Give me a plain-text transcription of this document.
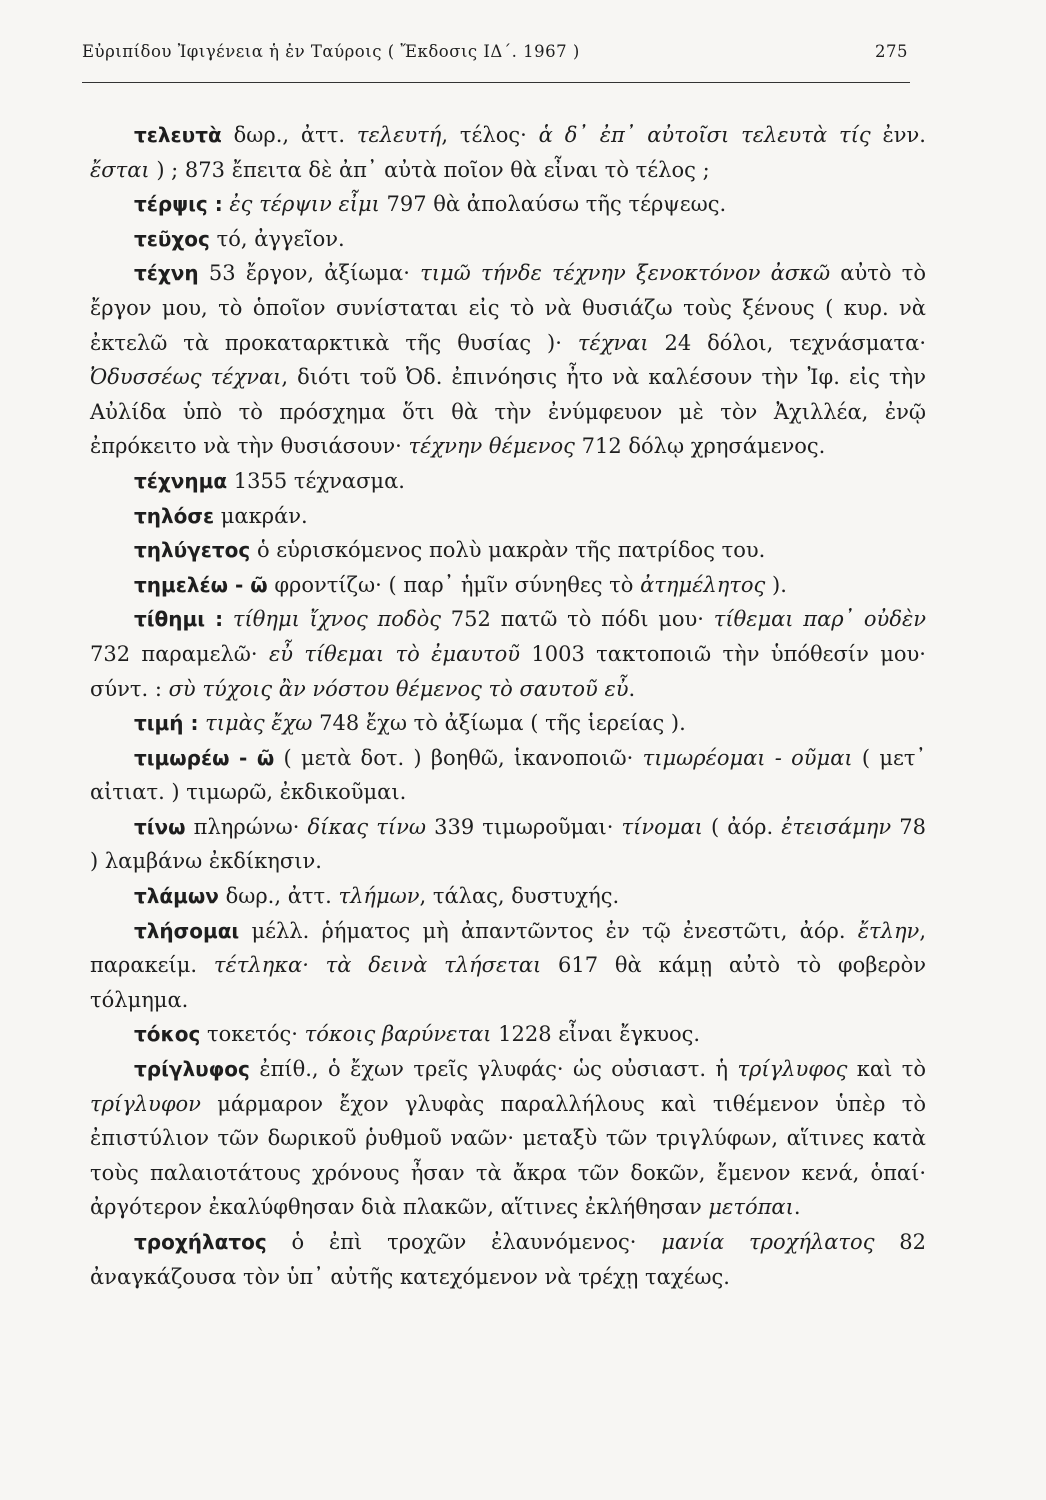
Εὐριπίδου Ἰφιγένεια ἡ ἐν Ταύροις ( Ἔκδοσις ΙΔ΄. 1967 )	275

τελευτὰ δωρ., ἀττ. τελευτή, τέλος· ἁ δ᾽ ἐπ᾽ αὐτοῖσι τελευτὰ τίς ἐνν. ἔσται ) ; 873 ἔπειτα δὲ ἀπ᾽ αὐτὰ ποῖον θὰ εἶναι τὸ τέλος ;

τέρψις : ἐς τέρψιν εἶμι 797 θὰ ἀπολαύσω τῆς τέρψεως.

τεῦχος τό, ἀγγεῖον.

τέχνη 53 ἔργον, ἀξίωμα· τιμῶ τήνδε τέχνην ξενοκτόνον ἀσκῶ αὐτὸ τὸ ἔργον μου, τὸ ὁποῖον συνίσταται εἰς τὸ νὰ θυσιάζω τοὺς ξένους ( κυρ. νὰ ἐκτελῶ τὰ προκαταρκτικὰ τῆς θυσίας )· τέχναι 24 δόλοι, τεχνάσματα· Ὀδυσσέως τέχναι, διότι τοῦ Ὀδ. ἐπινόησις ἦτο νὰ καλέσουν τὴν Ἰφ. εἰς τὴν Αὐλίδα ὑπὸ τὸ πρόσχημα ὅτι θὰ τὴν ἐνύμφευον μὲ τὸν Ἀχιλλέα, ἐνῷ ἐπρόκειτο νὰ τὴν θυσιάσουν· τέχνην θέμενος 712 δόλῳ χρησάμενος.

τέχνημα 1355 τέχνασμα.

τηλόσε μακράν.

τηλύγετος ὁ εὑρισκόμενος πολὺ μακρὰν τῆς πατρίδος του.

τημελέω - ῶ φροντίζω· ( παρ᾽ ἡμῖν σύνηθες τὸ ἀτημέλητος ).

τίθημι : τίθημι ἴχνος ποδὸς 752 πατῶ τὸ πόδι μου· τίθεμαι παρ᾽ οὐδὲν 732 παραμελῶ· εὖ τίθεμαι τὸ ἐμαυτοῦ 1003 τακτοποιῶ τὴν ὑπόθεσίν μου· σύντ. : σὺ τύχοις ἂν νόστου θέμενος τὸ σαυτοῦ εὖ.

τιμή : τιμὰς ἔχω 748 ἔχω τὸ ἀξίωμα ( τῆς ἱερείας ).

τιμωρέω - ῶ ( μετὰ δοτ. ) βοηθῶ, ἱκανοποιῶ· τιμωρέομαι - οῦμαι ( μετ᾽ αἰτιατ. ) τιμωρῶ, ἐκδικοῦμαι.

τίνω πληρώνω· δίκας τίνω 339 τιμωροῦμαι· τίνομαι ( ἀόρ. ἐτεισάμην 78 ) λαμβάνω ἐκδίκησιν.

τλάμων δωρ., ἀττ. τλήμων, τάλας, δυστυχής.

τλήσομαι μέλλ. ῥήματος μὴ ἀπαντῶντος ἐν τῷ ἐνεστῶτι, ἀόρ. ἔτλην, παρακείμ. τέτληκα· τὰ δεινὰ τλήσεται 617 θὰ κάμῃ αὐτὸ τὸ φοβερὸν τόλμημα.

τόκος τοκετός· τόκοις βαρύνεται 1228 εἶναι ἔγκυος.

τρίγλυφος ἐπίθ., ὁ ἔχων τρεῖς γλυφάς· ὡς οὐσιαστ. ἡ τρίγλυφος καὶ τὸ τρίγλυφον μάρμαρον ἔχον γλυφὰς παραλλήλους καὶ τιθέμενον ὑπὲρ τὸ ἐπιστύλιον τῶν δωρικοῦ ῥυθμοῦ ναῶν· μεταξὺ τῶν τριγλύφων, αἵτινες κατὰ τοὺς παλαιοτάτους χρόνους ἦσαν τὰ ἄκρα τῶν δοκῶν, ἔμενον κενά, ὁπαί· ἀργότερον ἐκαλύφθησαν διὰ πλακῶν, αἵτινες ἐκλήθησαν μετόπαι.

τροχήλατος ὁ ἐπὶ τροχῶν ἐλαυνόμενος· μανία τροχήλατος 82 ἀναγκάζουσα τὸν ὑπ᾽ αὐτῆς κατεχόμενον νὰ τρέχῃ ταχέως.
